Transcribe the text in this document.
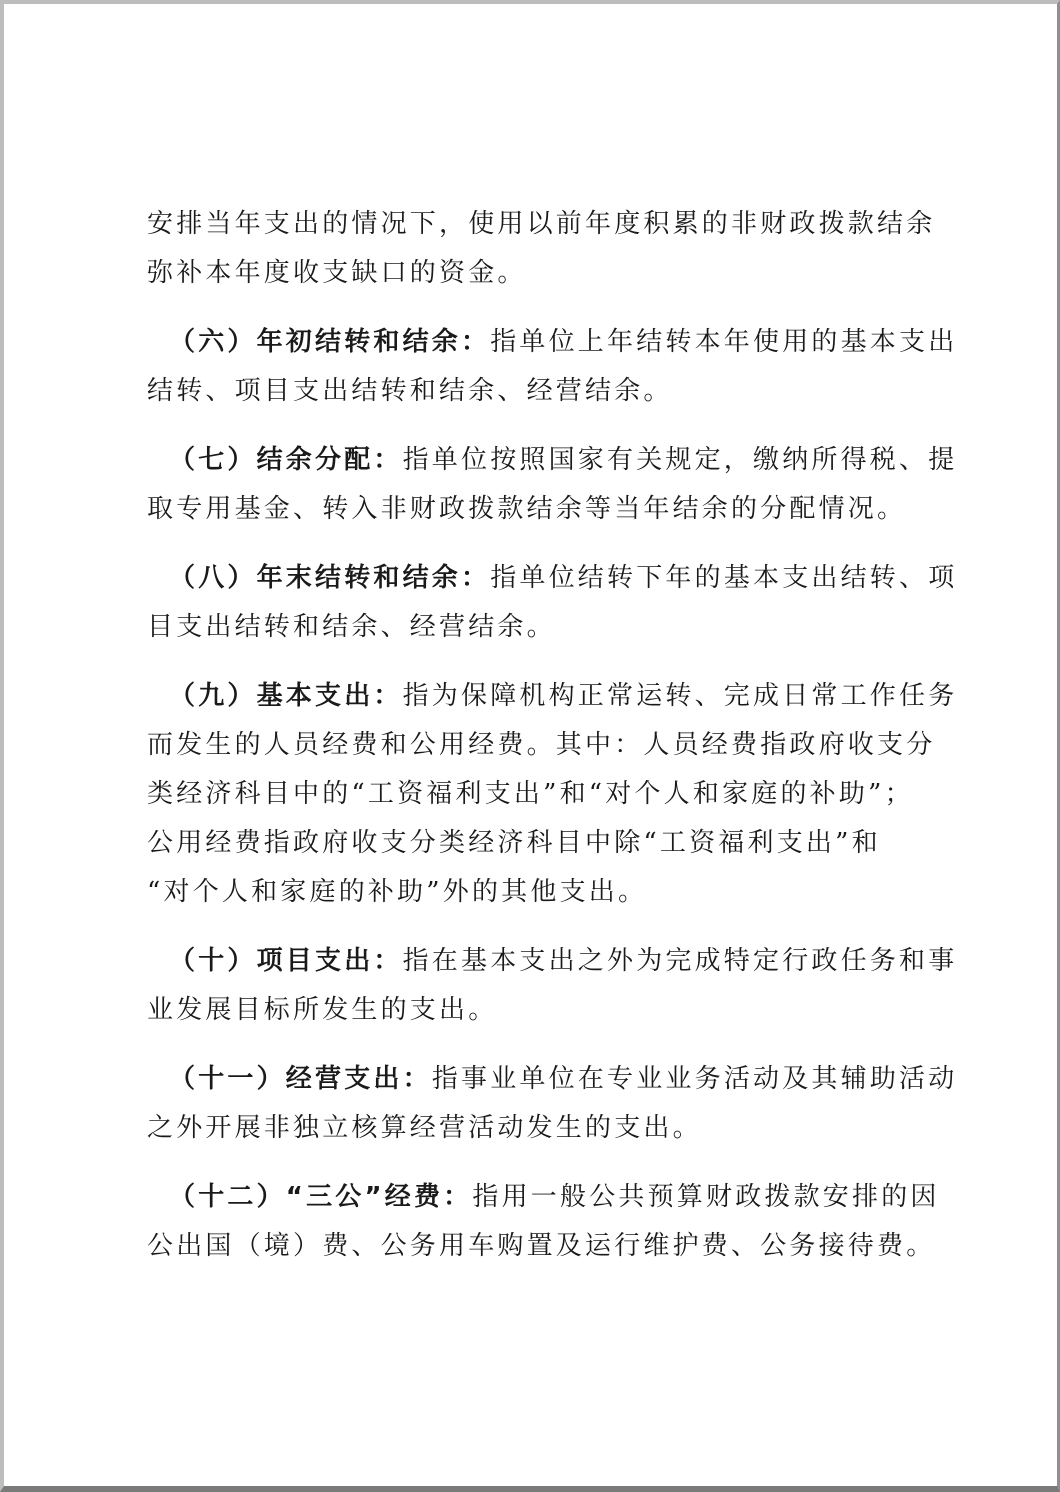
安排当年支出的情况下，使用以前年度积累的非财政拨款结余
弥补本年度收支缺口的资金。
（六）年初结转和结余：指单位上年结转本年使用的基本支出
结转、项目支出结转和结余、经营结余。
（七）结余分配：指单位按照国家有关规定，缴纳所得税、提
取专用基金、转入非财政拨款结余等当年结余的分配情况。
（八）年末结转和结余：指单位结转下年的基本支出结转、项
目支出结转和结余、经营结余。
（九）基本支出：指为保障机构正常运转、完成日常工作任务
而发生的人员经费和公用经费。其中：人员经费指政府收支分
类经济科目中的“工资福利支出”和“对个人和家庭的补助”；
公用经费指政府收支分类经济科目中除“工资福利支出”和
“对个人和家庭的补助”外的其他支出。
（十）项目支出：指在基本支出之外为完成特定行政任务和事
业发展目标所发生的支出。
（十一）经营支出：指事业单位在专业业务活动及其辅助活动
之外开展非独立核算经营活动发生的支出。
（十二）“三公”经费：指用一般公共预算财政拨款安排的因
公出国（境）费、公务用车购置及运行维护费、公务接待费。
